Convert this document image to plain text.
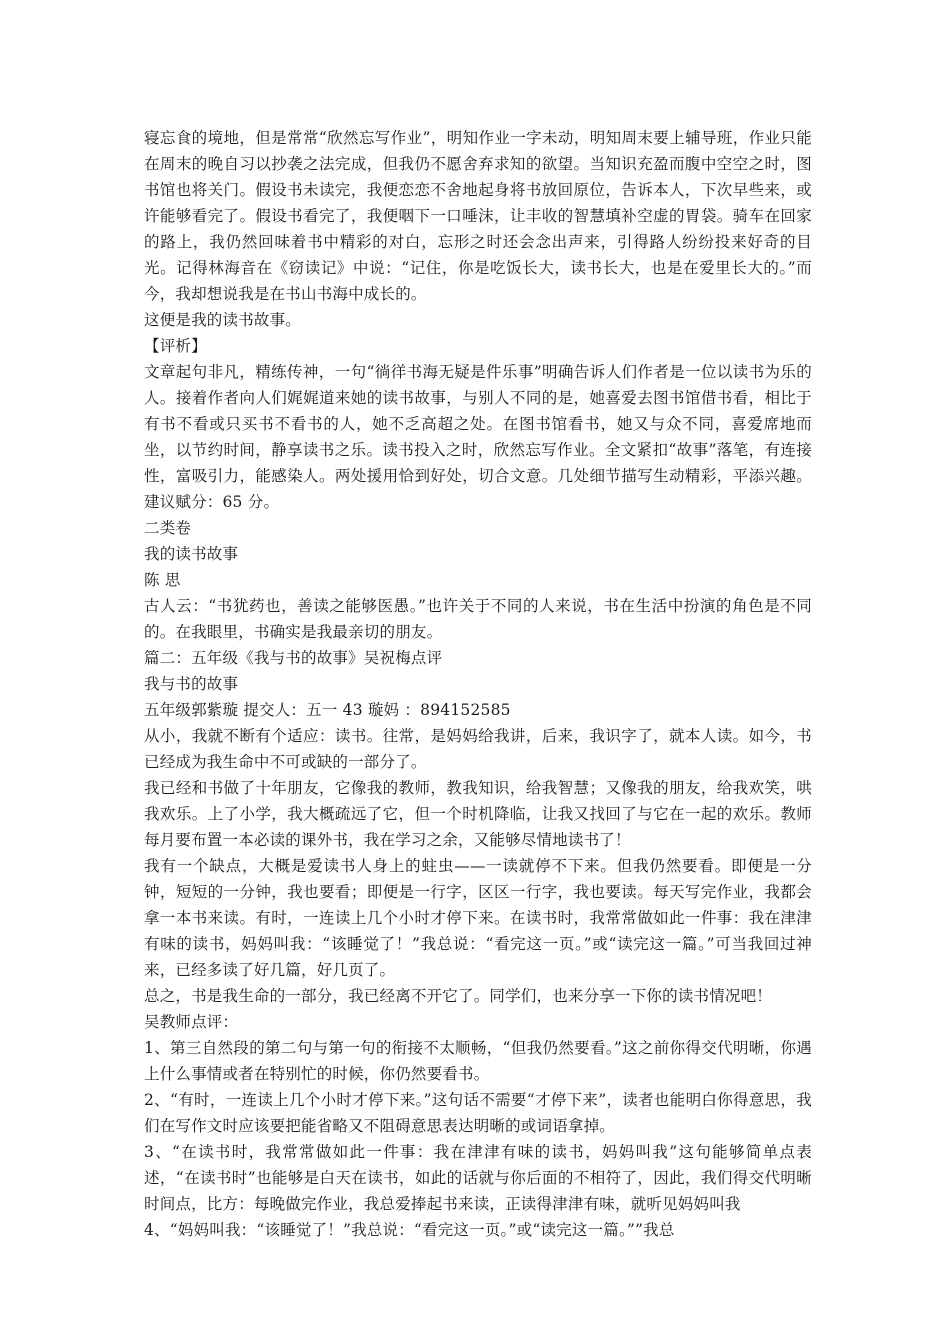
寝忘食的境地，但是常常“欣然忘写作业”，明知作业一字未动，明知周末要上辅导班，作业只能在周末的晚自习以抄袭之法完成，但我仍不愿舍弃求知的欲望。当知识充盈而腹中空空之时，图书馆也将关门。假设书未读完，我便恋恋不舍地起身将书放回原位，告诉本人，下次早些来，或许能够看完了。假设书看完了，我便咽下一口唾沫，让丰收的智慧填补空虚的胃袋。骑车在回家的路上，我仍然回味着书中精彩的对白，忘形之时还会念出声来，引得路人纷纷投来好奇的目光。记得林海音在《窃读记》中说：“记住，你是吃饭长大，读书长大，也是在爱里长大的。”而今，我却想说我是在书山书海中成长的。

这便是我的读书故事。

【评析】

文章起句非凡，精练传神，一句“徜徉书海无疑是件乐事”明确告诉人们作者是一位以读书为乐的人。接着作者向人们娓娓道来她的读书故事，与别人不同的是，她喜爱去图书馆借书看，相比于有书不看或只买书不看书的人，她不乏高超之处。在图书馆看书，她又与众不同，喜爱席地而坐，以节约时间，静享读书之乐。读书投入之时，欣然忘写作业。全文紧扣“故事”落笔，有连接性，富吸引力，能感染人。两处援用恰到好处，切合文意。几处细节描写生动精彩，平添兴趣。建议赋分：65 分。

二类卷

我的读书故事

陈 思

古人云：“书犹药也，善读之能够医愚。”也许关于不同的人来说，书在生活中扮演的角色是不同的。在我眼里，书确实是我最亲切的朋友。

篇二：五年级《我与书的故事》吴祝梅点评

我与书的故事

五年级郭紫璇 提交人：五一 43 璇妈 ：894152585

从小，我就不断有个适应：读书。往常，是妈妈给我讲，后来，我识字了，就本人读。如今，书已经成为我生命中不可或缺的一部分了。

我已经和书做了十年朋友，它像我的教师，教我知识，给我智慧；又像我的朋友，给我欢笑，哄我欢乐。上了小学，我大概疏远了它，但一个时机降临，让我又找回了与它在一起的欢乐。教师每月要布置一本必读的课外书，我在学习之余，又能够尽情地读书了！

我有一个缺点，大概是爱读书人身上的蛀虫——一读就停不下来。但我仍然要看。即便是一分钟，短短的一分钟，我也要看；即便是一行字，区区一行字，我也要读。每天写完作业，我都会拿一本书来读。有时，一连读上几个小时才停下来。在读书时，我常常做如此一件事：我在津津有味的读书，妈妈叫我：“该睡觉了！”我总说：“看完这一页。”或“读完这一篇。”可当我回过神来，已经多读了好几篇，好几页了。

总之，书是我生命的一部分，我已经离不开它了。同学们，也来分享一下你的读书情况吧！

吴教师点评：

1、第三自然段的第二句与第一句的衔接不太顺畅，“但我仍然要看。”这之前你得交代明晰，你遇上什么事情或者在特别忙的时候，你仍然要看书。

2、“有时，一连读上几个小时才停下来。”这句话不需要“才停下来”，读者也能明白你得意思，我们在写作文时应该要把能省略又不阻碍意思表达明晰的或词语拿掉。

3、“在读书时，我常常做如此一件事：我在津津有味的读书，妈妈叫我”这句能够简单点表述，“在读书时”也能够是白天在读书，如此的话就与你后面的不相符了，因此，我们得交代明晰时间点，比方：每晚做完作业，我总爱捧起书来读，正读得津津有味，就听见妈妈叫我

4、“妈妈叫我：“该睡觉了！”我总说：“看完这一页。”或“读完这一篇。””我总
